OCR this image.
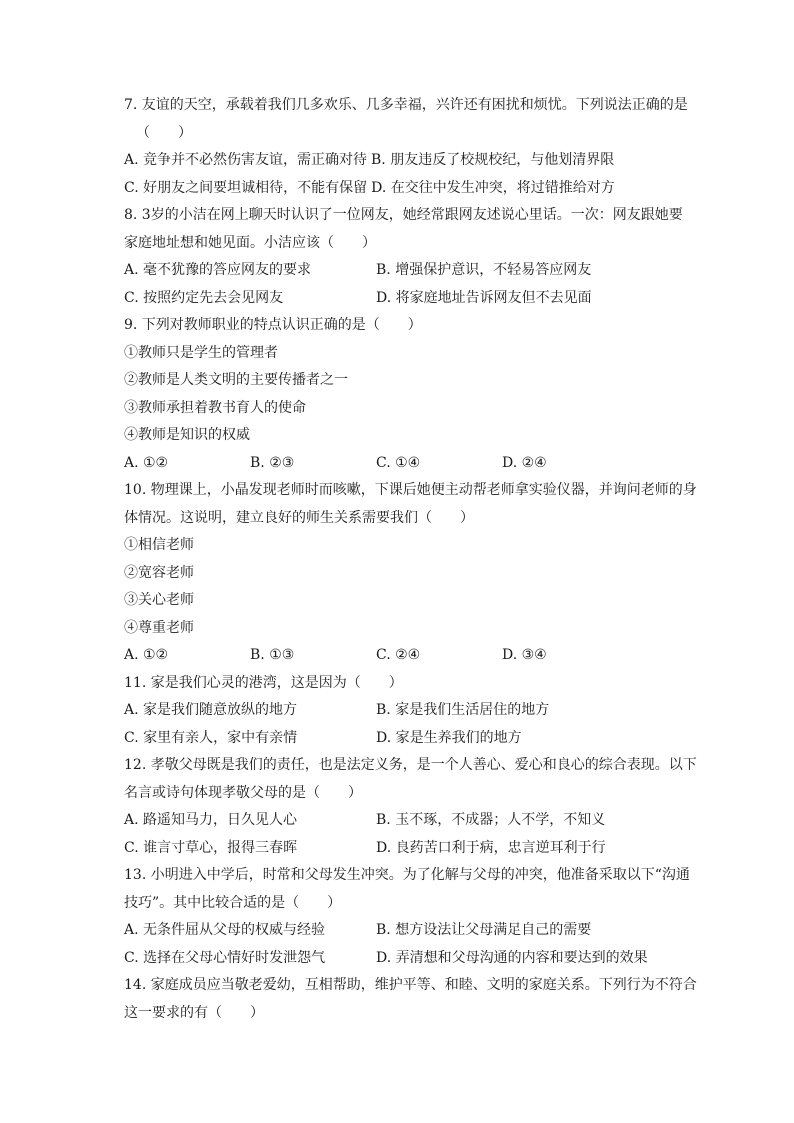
7. 友谊的天空，承载着我们几多欢乐、几多幸福，兴许还有困扰和烦忧。下列说法正确的是
（　　）
A. 竞争并不必然伤害友谊，需正确对待 B. 朋友违反了校规校纪，与他划清界限
C. 好朋友之间要坦诚相待，不能有保留 D. 在交往中发生冲突，将过错推给对方
8. 3岁的小洁在网上聊天时认识了一位网友，她经常跟网友述说心里话。一次：网友跟她要
家庭地址想和她见面。小洁应该（　　）
A. 毫不犹豫的答应网友的要求	B. 增强保护意识，不轻易答应网友
C. 按照约定先去会见网友	D. 将家庭地址告诉网友但不去见面
9. 下列对教师职业的特点认识正确的是（　　）
①教师只是学生的管理者
②教师是人类文明的主要传播者之一
③教师承担着教书育人的使命
④教师是知识的权威
A. ①②	B. ②③	C. ①④	D. ②④
10. 物理课上，小晶发现老师时而咳嗽，下课后她便主动帮老师拿实验仪器，并询问老师的身
体情况。这说明，建立良好的师生关系需要我们（　　）
①相信老师
②宽容老师
③关心老师
④尊重老师
A. ①②	B. ①③	C. ②④	D. ③④
11. 家是我们心灵的港湾，这是因为（　　）
A. 家是我们随意放纵的地方	B. 家是我们生活居住的地方
C. 家里有亲人，家中有亲情	D. 家是生养我们的地方
12. 孝敬父母既是我们的责任，也是法定义务，是一个人善心、爱心和良心的综合表现。以下
名言或诗句体现孝敬父母的是（　　）
A. 路遥知马力，日久见人心	B. 玉不琢，不成器；人不学，不知义
C. 谁言寸草心，报得三春晖	D. 良药苦口利于病，忠言逆耳利于行
13. 小明进入中学后，时常和父母发生冲突。为了化解与父母的冲突，他准备采取以下“沟通
技巧”。其中比较合适的是（　　）
A. 无条件屈从父母的权威与经验	B. 想方设法让父母满足自己的需要
C. 选择在父母心情好时发泄怨气	D. 弄清想和父母沟通的内容和要达到的效果
14. 家庭成员应当敬老爱幼，互相帮助，维护平等、和睦、文明的家庭关系。下列行为不符合
这一要求的有（　　）
